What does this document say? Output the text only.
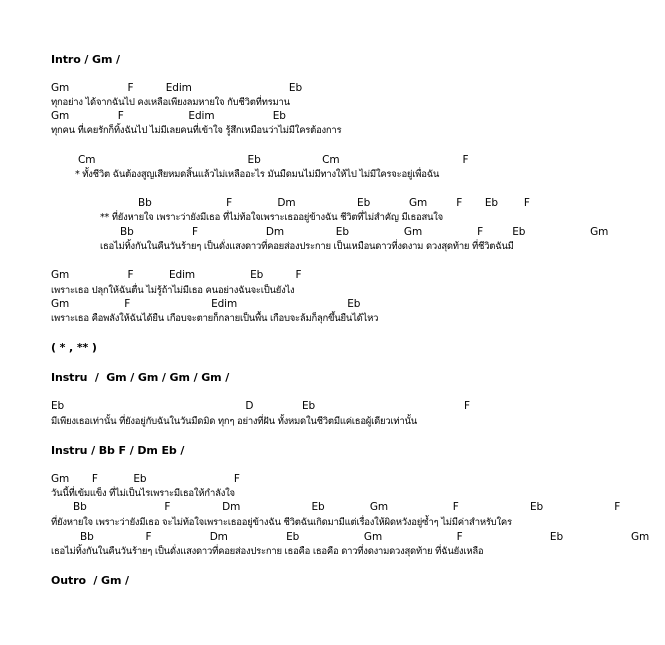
Intro / Gm /
Gm                  F          Edim                              Eb
ทุกอย่าง ได้จากฉันไป คงเหลือเพียงลมหายใจ กับชีวิตที่ทรมาน
Gm               F                    Edim                  Eb
ทุกคน ที่เคยรักก็ทิ้งฉันไป ไม่มีเลยคนที่เข้าใจ รู้สึกเหมือนว่าไม่มีใครต้องการ
Cm                                               Eb                   Cm                                      F
* ทั้งชีวิต ฉันต้องสูญเสียหมดสิ้นแล้วไม่เหลืออะไร มันมืดมนไม่มีทางให้ไป ไม่มีใครจะอยู่เพื่อฉัน
Bb                       F              Dm                   Eb            Gm         F       Eb        F
** ที่ยังหายใจ เพราะว่ายังมีเธอ ที่ไม่ท้อใจเพราะเธออยู่ข้างฉัน ชีวิตที่ไม่สำคัญ มีเธอสนใจ
Bb                  F                     Dm                Eb                 Gm                 F         Eb                    Gm
เธอไม่ทิ้งกันในคืนวันร้ายๆ เป็นดั่งแสงดาวที่คอยส่องประกาย เป็นเหมือนดาวที่งดงาม ดวงสุดท้าย ที่ชีวิตฉันมี
Gm                  F           Edim                 Eb          F
เพราะเธอ ปลุกให้ฉันตื่น ไม่รู้ถ้าไม่มีเธอ คนอย่างฉันจะเป็นยังไง
Gm                 F                         Edim                                  Eb
เพราะเธอ คือพลังให้ฉันได้ยืน เกือบจะตายก็กลายเป็นพื้น เกือบจะล้มก็ลุกขึ้นยืนได้ไหว
( * , ** )
Instru  /  Gm / Gm / Gm / Gm /
Eb                                                        D               Eb                                              F
มีเพียงเธอเท่านั้น ที่ยังอยู่กับฉันในวันมืดมิด ทุกๆ อย่างที่ฝัน ทั้งหมดในชีวิตมีแค่เธอผู้เดียวเท่านั้น
Instru / Bb F / Dm Eb /
Gm       F           Eb                           F
วันนี้ที่เข้มแข็ง ที่ไม่เป็นไรเพราะมีเธอให้กำลังใจ
Bb                        F                Dm                      Eb              Gm                    F                      Eb                      F
ที่ยังหายใจ เพราะว่ายังมีเธอ จะไม่ท้อใจเพราะเธออยู่ข้างฉัน ชีวิตฉันเกิดมามีแต่เรื่องให้ผิดหวังอยู่ซ้ำๆ ไม่มีค่าสำหรับใคร
Bb                F                  Dm                  Eb                    Gm                       F                           Eb                     Gm
เธอไม่ทิ้งกันในคืนวันร้ายๆ เป็นดั่งแสงดาวที่คอยส่องประกาย เธอคือ เธอคือ ดาวที่งดงามดวงสุดท้าย ที่ฉันยังเหลือ
Outro  / Gm /
